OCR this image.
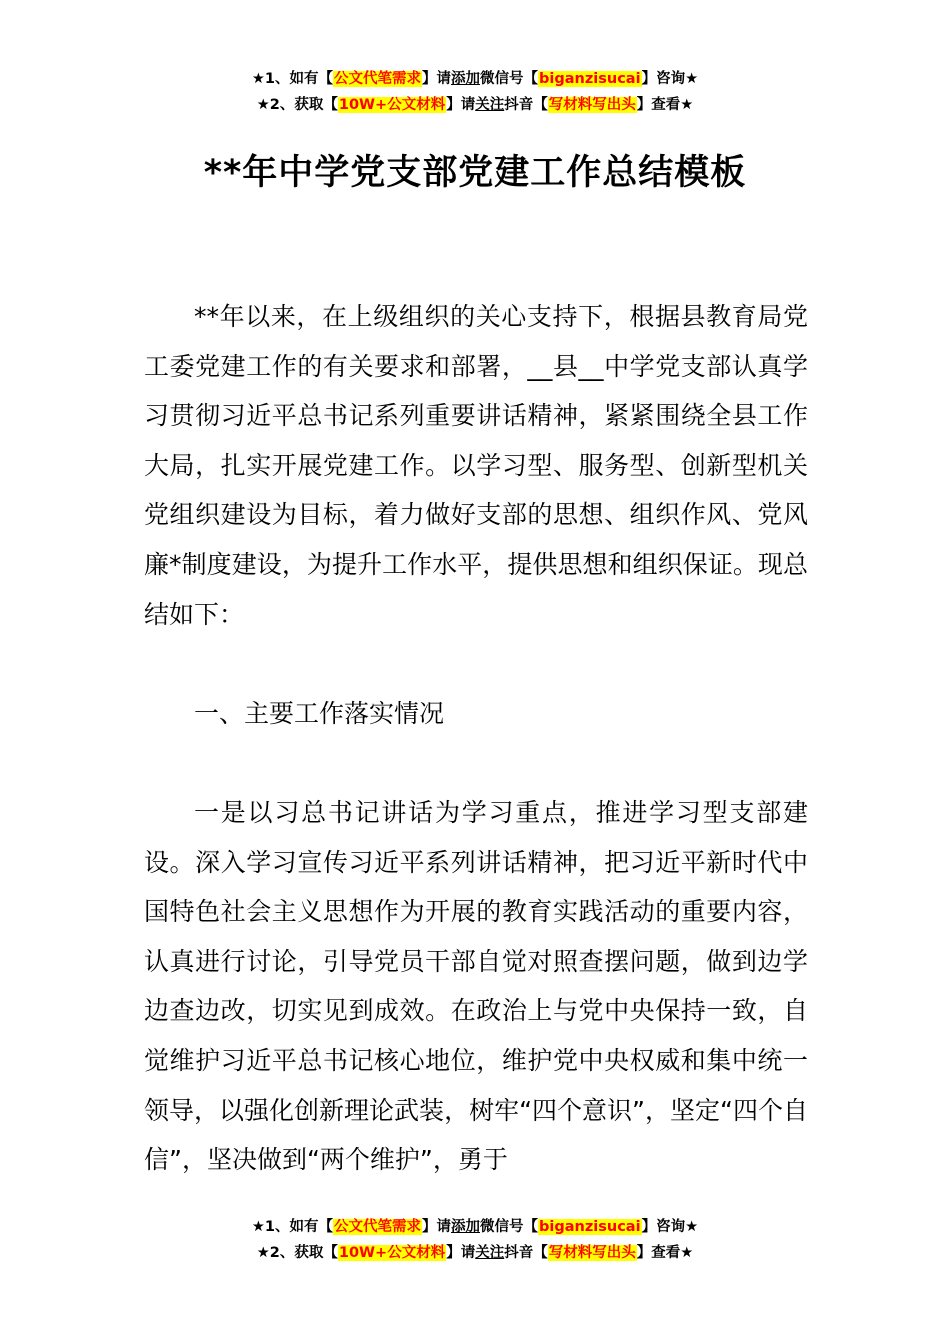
★1、如有【公文代笔需求】请添加微信号【biganzisucai】咨询★
★2、获取【10W+公文材料】请关注抖音【写材料写出头】查看★
**年中学党支部党建工作总结模板

**年以来，在上级组织的关心支持下，根据县教育局党工委党建工作的有关要求和部署，__县__中学党支部认真学习贯彻习近平总书记系列重要讲话精神，紧紧围绕全县工作大局，扎实开展党建工作。以学习型、服务型、创新型机关党组织建设为目标，着力做好支部的思想、组织作风、党风廉*制度建设，为提升工作水平，提供思想和组织保证。现总结如下：

一、主要工作落实情况

一是以习总书记讲话为学习重点，推进学习型支部建设。深入学习宣传习近平系列讲话精神，把习近平新时代中国特色社会主义思想作为开展的教育实践活动的重要内容，认真进行讨论，引导党员干部自觉对照查摆问题，做到边学边查边改，切实见到成效。在政治上与党中央保持一致，自觉维护习近平总书记核心地位，维护党中央权威和集中统一领导，以强化创新理论武装，树牢“四个意识”，坚定“四个自信”，坚决做到“两个维护”，勇于

★1、如有【公文代笔需求】请添加微信号【biganzisucai】咨询★
★2、获取【10W+公文材料】请关注抖音【写材料写出头】查看★
